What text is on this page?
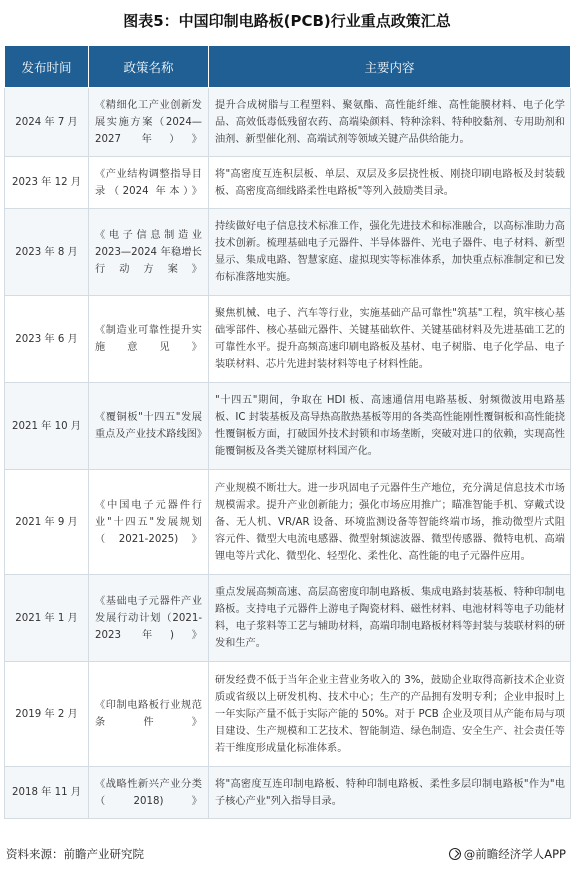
图表5：中国印制电路板(PCB)行业重点政策汇总
发布时间	政策名称	主要内容
2024 年 7 月	《精细化工产业创新发展实施方案（2024—2027 年）》	提升合成树脂与工程塑料、聚氨酯、高性能纤维、高性能膜材料、电子化学品、高效低毒低残留农药、高端染颜料、特种涂料、特种胶黏剂、专用助剂和油剂、新型催化剂、高端试剂等领域关键产品供给能力。
2023 年 12 月	《产业结构调整指导目录（2024 年本）》	将"高密度互连积层板、单层、双层及多层挠性板、刚挠印刷电路板及封装载板、高密度高细线路柔性电路板"等列入鼓励类目录。
2023 年 8 月	《电子信息制造业 2023—2024 年稳增长行动方案》	持续做好电子信息技术标准工作，强化先进技术和标准融合，以高标准助力高技术创新。梳理基础电子元器件、半导体器件、光电子器件、电子材料、新型显示、集成电路、智慧家庭、虚拟现实等标准体系，加快重点标准制定和已发布标准落地实施。
2023 年 6 月	《制造业可靠性提升实施意见》	聚焦机械、电子、汽车等行业，实施基础产品可靠性"筑基"工程，筑牢核心基础零部件、核心基础元器件、关键基础软件、关键基础材料及先进基础工艺的可靠性水平。提升高频高速印刷电路板及基材、电子树脂、电子化学品、电子装联材料、芯片先进封装材料等电子材料性能。
2021 年 10 月	《覆铜板"十四五"发展重点及产业技术路线图》	"十四五"期间，争取在 HDI 板、高速通信用电路基板、射频微波用电路基板、IC 封装基板及高导热高散热基板等用的各类高性能刚性覆铜板和高性能挠性覆铜板方面，打破国外技术封锁和市场垄断，突破对进口的依赖，实现高性能覆铜板及各类关键原材料国产化。
2021 年 9 月	《中国电子元器件行业"十四五"发展规划（2021-2025)》	产业规模不断壮大。进一步巩固电子元器件生产地位，充分满足信息技术市场规模需求。提升产业创新能力；强化市场应用推广；瞄准智能手机、穿戴式设备、无人机、VR/AR 设备、环境监测设备等智能终端市场，推动微型片式阻容元件、微型大电流电感器、微型射频滤波器、微型传感器、微特电机、高端锂电等片式化、微型化、轻型化、柔性化、高性能的电子元器件应用。
2021 年 1 月	《基础电子元器件产业发展行动计划（2021-2023 年)》	重点发展高频高速、高层高密度印制电路板、集成电路封装基板、特种印制电路板。支持电子元器件上游电子陶瓷材料、磁性材料、电池材料等电子功能材料，电子浆料等工艺与辅助材料，高端印制电路板材料等封装与装联材料的研发和生产。
2019 年 2 月	《印制电路板行业规范条件》	研发经费不低于当年企业主营业务收入的 3%，鼓励企业取得高新技术企业资质或省级以上研发机构、技术中心；生产的产品拥有发明专利；企业申报时上一年实际产量不低于实际产能的 50%。对于 PCB 企业及项目从产能布局与项目建设、生产规模和工艺技术、智能制造、绿色制造、安全生产、社会责任等若干维度形成量化标准体系。
2018 年 11 月	《战略性新兴产业分类（2018)》	将"高密度互连印制电路板、特种印制电路板、柔性多层印制电路板"作为"电子核心产业"列入指导目录。
资料来源：前瞻产业研究院	@前瞻经济学人APP
